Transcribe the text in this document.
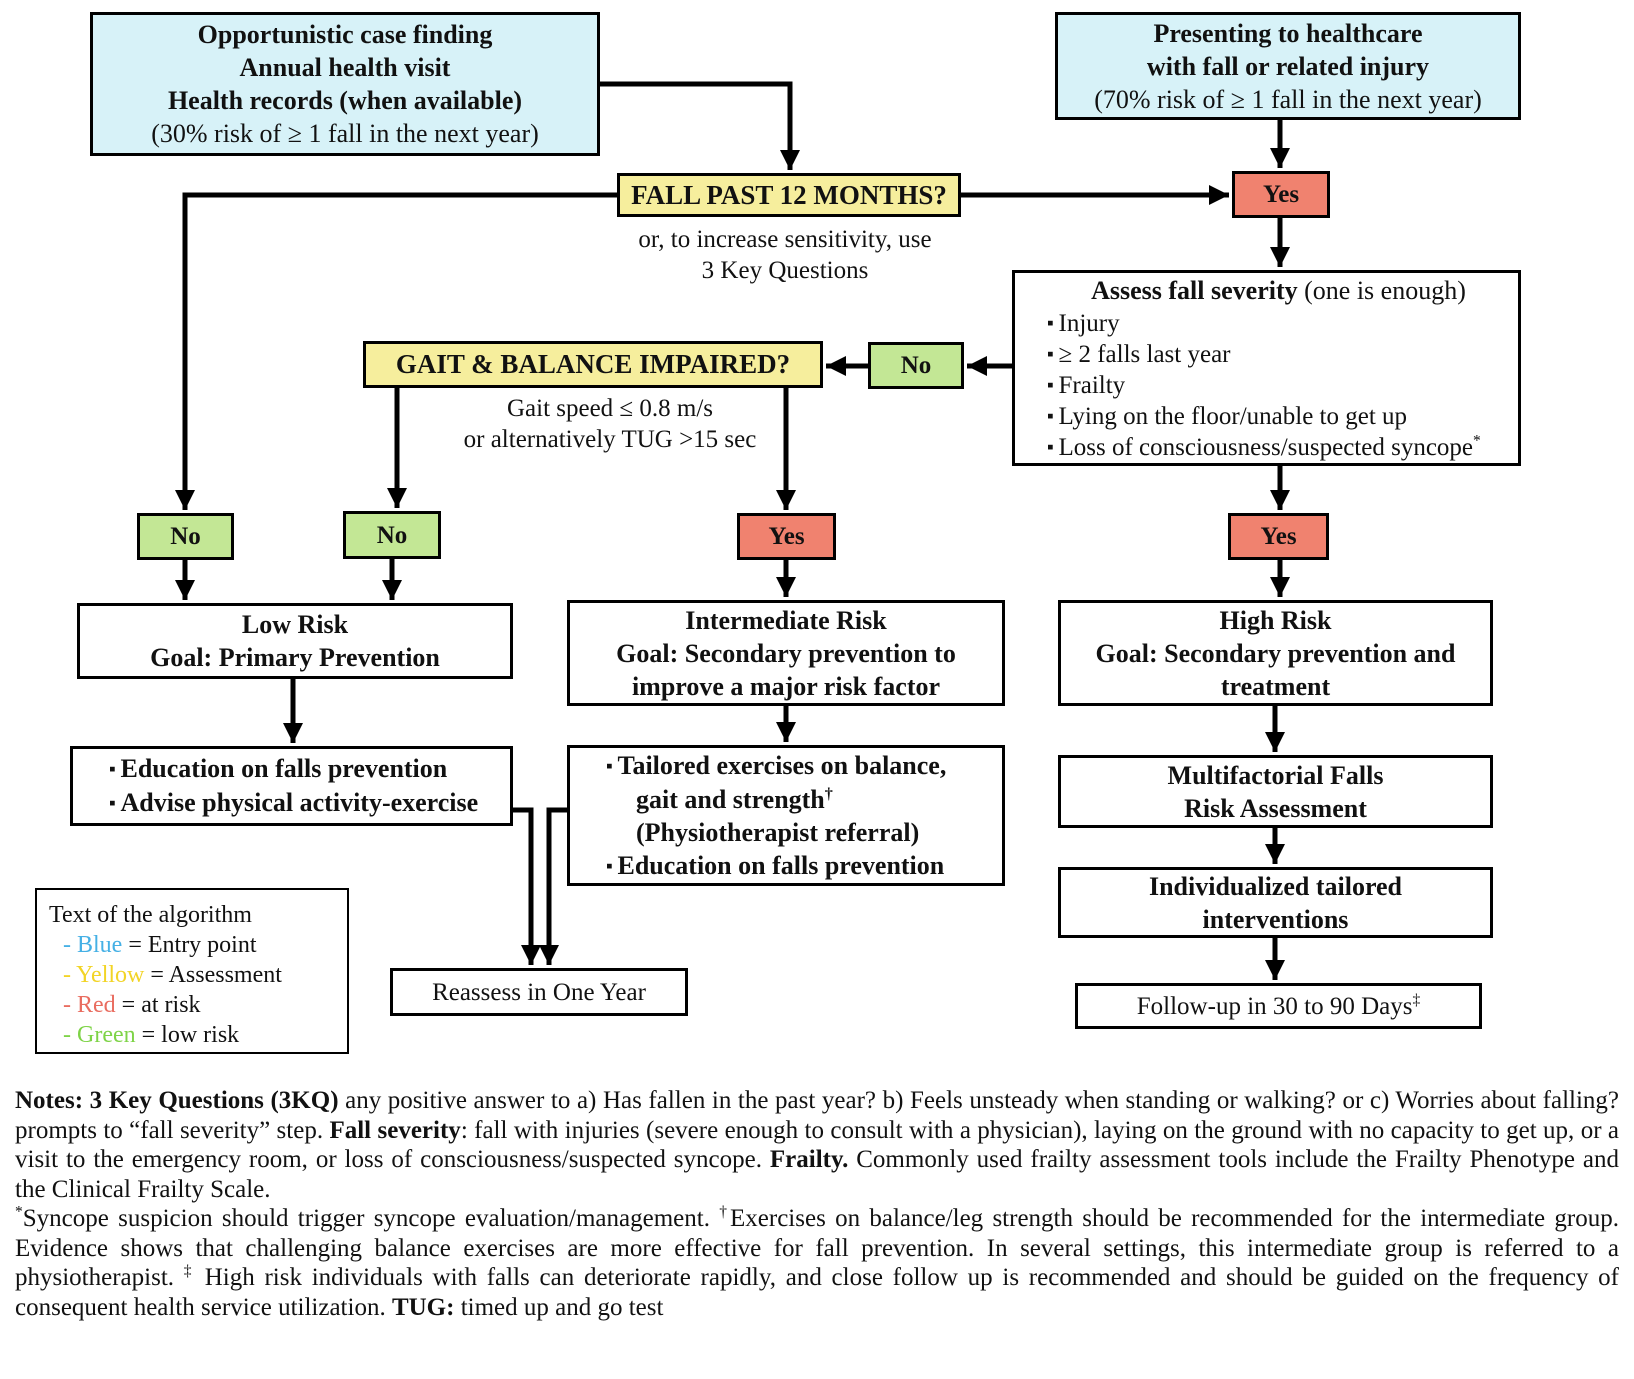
Opportunistic case finding
Annual health visit
Health records (when available)
(30% risk of ≥ 1 fall in the next year)
Presenting to healthcare
with fall or related injury
(70% risk of ≥ 1 fall in the next year)
FALL PAST 12 MONTHS?
or, to increase sensitivity, use
3 Key Questions
Yes
Assess fall severity (one is enough)
▪ Injury
▪ ≥ 2 falls last year
▪ Frailty
▪ Lying on the floor/unable to get up
▪ Loss of consciousness/suspected syncope*
No
GAIT & BALANCE IMPAIRED?
Gait speed ≤ 0.8 m/s
or alternatively TUG >15 sec
No	No	Yes	Yes
Low Risk
Goal: Primary Prevention
Intermediate Risk
Goal: Secondary prevention to
improve a major risk factor
High Risk
Goal: Secondary prevention and
treatment
▪ Education on falls prevention
▪ Advise physical activity-exercise
▪ Tailored exercises on balance,
gait and strength†
(Physiotherapist referral)
▪ Education on falls prevention
Multifactorial Falls
Risk Assessment
Individualized tailored
interventions
Follow-up in 30 to 90 Days‡
Reassess in One Year
Text of the algorithm
- Blue = Entry point
- Yellow = Assessment
- Red = at risk
- Green = low risk

Notes: 3 Key Questions (3KQ) any positive answer to a) Has fallen in the past year? b) Feels unsteady when standing or walking? or c) Worries about falling? prompts to “fall severity” step. Fall severity: fall with injuries (severe enough to consult with a physician), laying on the ground with no capacity to get up, or a visit to the emergency room, or loss of consciousness/suspected syncope. Frailty. Commonly used frailty assessment tools include the Frailty Phenotype and the Clinical Frailty Scale.

*Syncope suspicion should trigger syncope evaluation/management. †Exercises on balance/leg strength should be recommended for the intermediate group. Evidence shows that challenging balance exercises are more effective for fall prevention. In several settings, this intermediate group is referred to a physiotherapist. ‡ High risk individuals with falls can deteriorate rapidly, and close follow up is recommended and should be guided on the frequency of consequent health service utilization. TUG: timed up and go test
